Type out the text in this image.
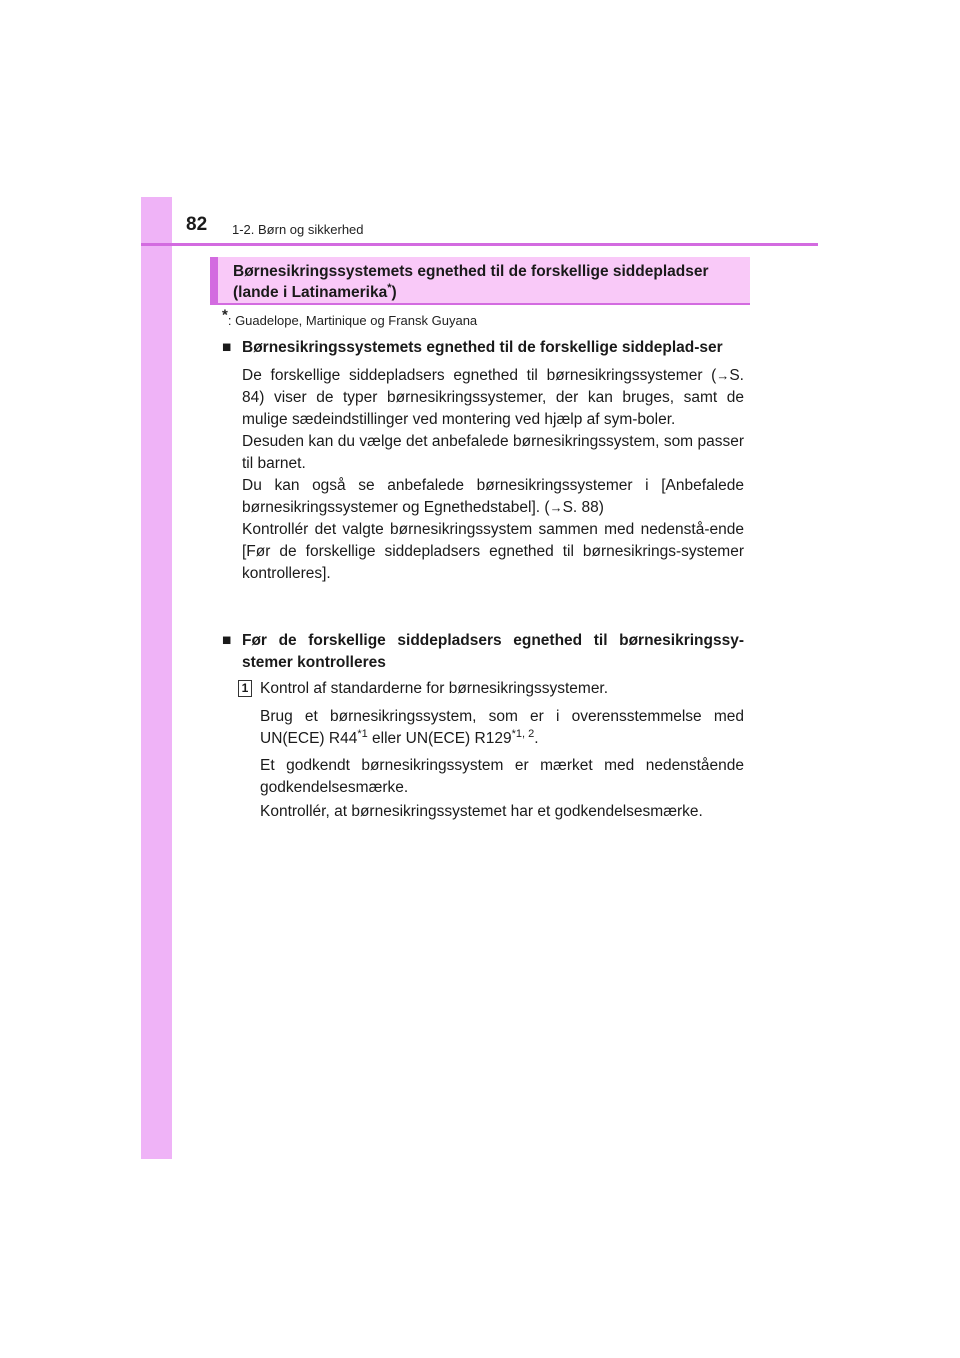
82 1-2. Børn og sikkerhed
Børnesikringssystemets egnethed til de forskellige siddepladser
(lande i Latinamerika*)
*: Guadelope, Martinique og Fransk Guyana
■ Børnesikringssystemets egnethed til de forskellige siddeplad-ser

De forskellige siddepladsers egnethed til børnesikringssystemer (→S. 84) viser de typer børnesikringssystemer, der kan bruges, samt de mulige sædeindstillinger ved montering ved hjælp af sym-boler.

Desuden kan du vælge det anbefalede børnesikringssystem, som passer til barnet.

Du kan også se anbefalede børnesikringssystemer i [Anbefalede børnesikringssystemer og Egnethedstabel]. (→S. 88)

Kontrollér det valgte børnesikringssystem sammen med nedenstå-ende [Før de forskellige siddepladsers egnethed til børnesikrings-systemer kontrolleres].

■ Før de forskellige siddepladsers egnethed til børnesikringssy-stemer kontrolleres
1 Kontrol af standarderne for børnesikringssystemer.

Brug et børnesikringssystem, som er i overensstemmelse med UN(ECE) R44$^{*1}$ eller UN(ECE) R129$^{*1, 2}$.

Et godkendt børnesikringssystem er mærket med nedenstående godkendelsesmærke.

Kontrollér, at børnesikringssystemet har et godkendelsesmærke.
